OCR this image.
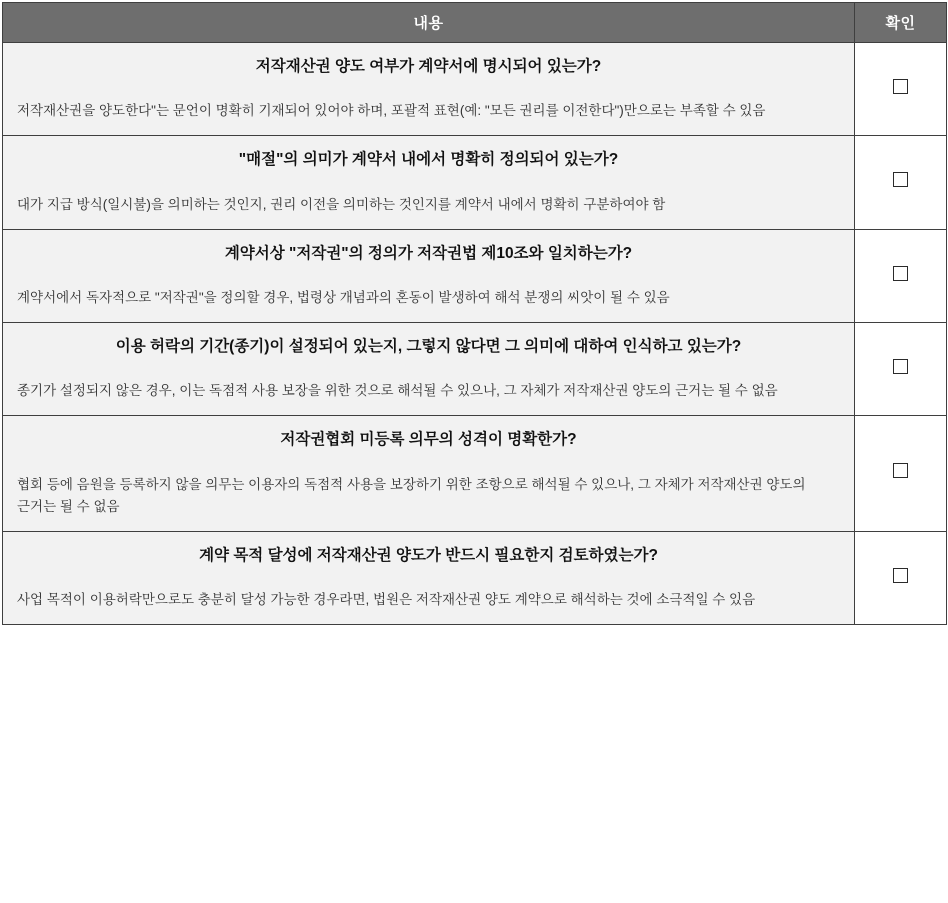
내용	확인

저작재산권 양도 여부가 계약서에 명시되어 있는가?
저작재산권을 양도한다"는 문언이 명확히 기재되어 있어야 하며, 포괄적 표현(예: "모든 권리를 이전한다")만으로는 부족할 수 있음	

"매절"의 의미가 계약서 내에서 명확히 정의되어 있는가?
대가 지급 방식(일시불)을 의미하는 것인지, 권리 이전을 의미하는 것인지를 계약서 내에서 명확히 구분하여야 함	

계약서상 "저작권"의 정의가 저작권법 제10조와 일치하는가?
계약서에서 독자적으로 "저작권"을 정의할 경우, 법령상 개념과의 혼동이 발생하여 해석 분쟁의 씨앗이 될 수 있음	

이용 허락의 기간(종기)이 설정되어 있는지, 그렇지 않다면 그 의미에 대하여 인식하고 있는가?
종기가 설정되지 않은 경우, 이는 독점적 사용 보장을 위한 것으로 해석될 수 있으나, 그 자체가 저작재산권 양도의 근거는 될 수 없음	

저작권협회 미등록 의무의 성격이 명확한가?
협회 등에 음원을 등록하지 않을 의무는 이용자의 독점적 사용을 보장하기 위한 조항으로 해석될 수 있으나, 그 자체가 저작재산권 양도의 근거는 될 수 없음	

계약 목적 달성에 저작재산권 양도가 반드시 필요한지 검토하였는가?
사업 목적이 이용허락만으로도 충분히 달성 가능한 경우라면, 법원은 저작재산권 양도 계약으로 해석하는 것에 소극적일 수 있음	
